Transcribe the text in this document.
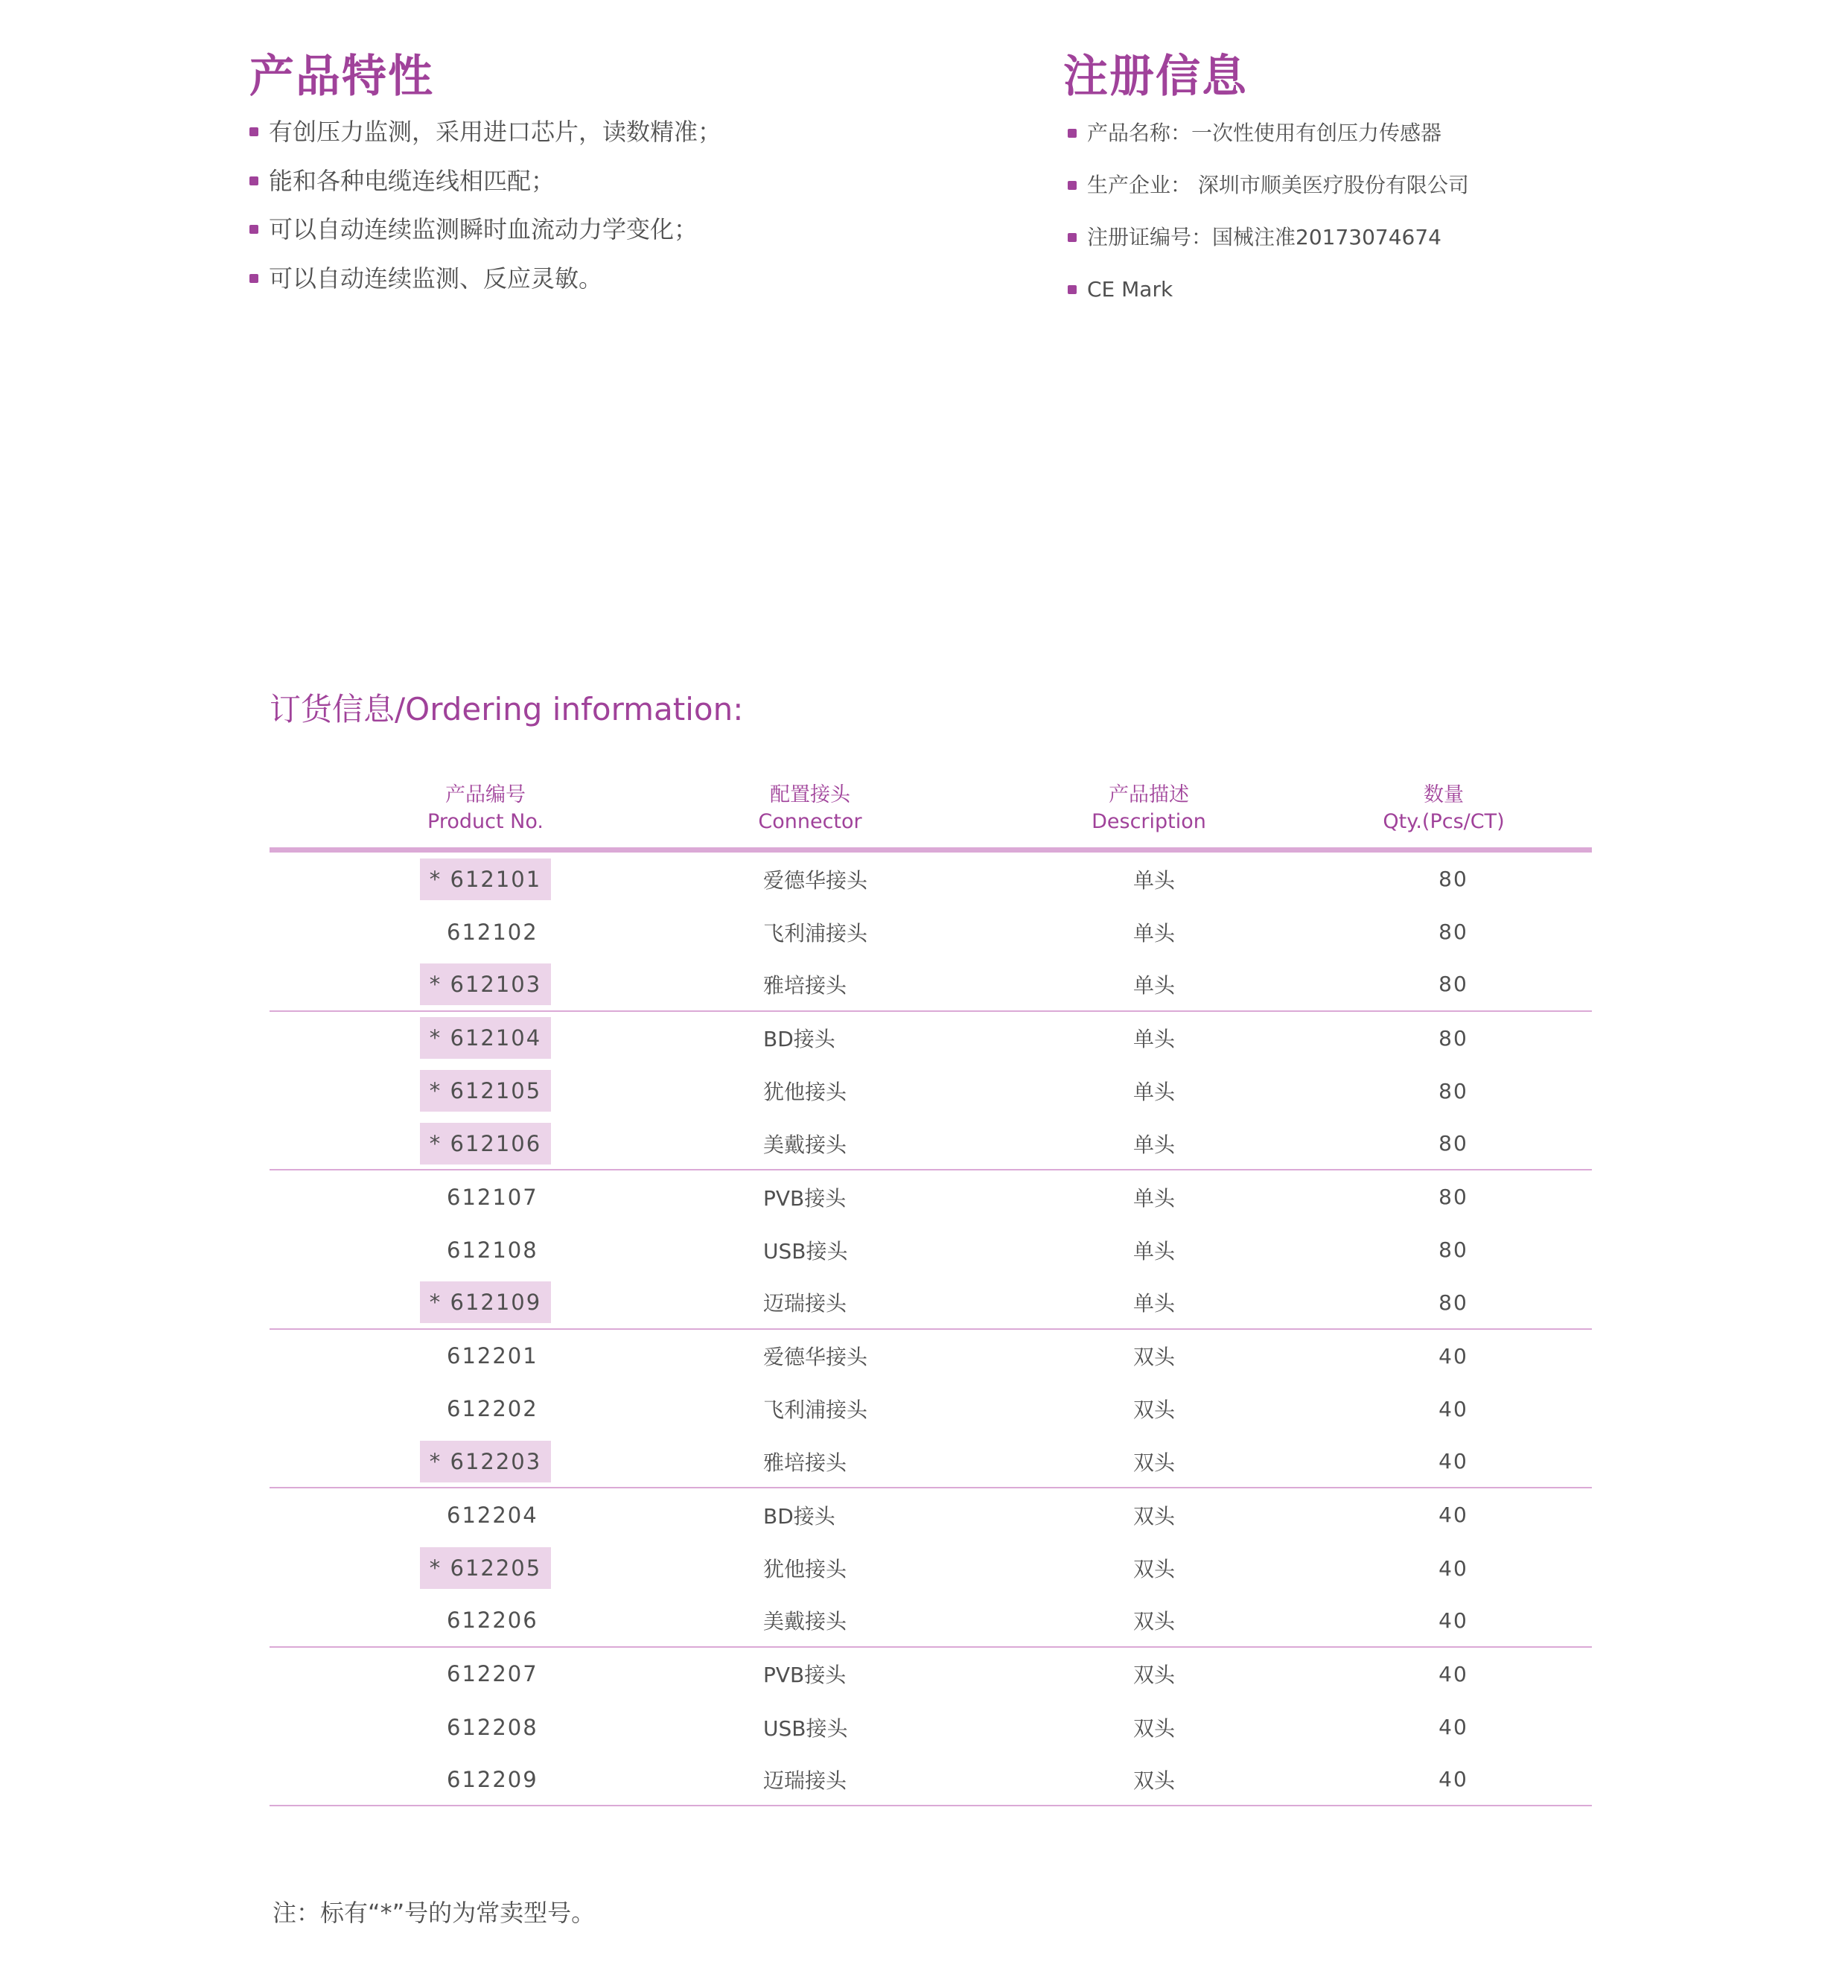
产品特性
有创压力监测，采用进口芯片，读数精准；
能和各种电缆连线相匹配；
可以自动连续监测瞬时血流动力学变化；
可以自动连续监测、反应灵敏。
注册信息
产品名称：一次性使用有创压力传感器
生产企业： 深圳市顺美医疗股份有限公司
注册证编号：国械注准20173074674
CE Mark
订货信息/Ordering information:
产品编号
Product No.
配置接头
Connector
产品描述
Description
数量
Qty.(Pcs/CT)
* 612101	爱德华接头	单头	80
612102	飞利浦接头	单头	80
* 612103	雅培接头	单头	80
* 612104	BD接头	单头	80
* 612105	犹他接头	单头	80
* 612106	美戴接头	单头	80
612107	PVB接头	单头	80
612108	USB接头	单头	80
* 612109	迈瑞接头	单头	80
612201	爱德华接头	双头	40
612202	飞利浦接头	双头	40
* 612203	雅培接头	双头	40
612204	BD接头	双头	40
* 612205	犹他接头	双头	40
612206	美戴接头	双头	40
612207	PVB接头	双头	40
612208	USB接头	双头	40
612209	迈瑞接头	双头	40

注：标有“*”号的为常卖型号。
